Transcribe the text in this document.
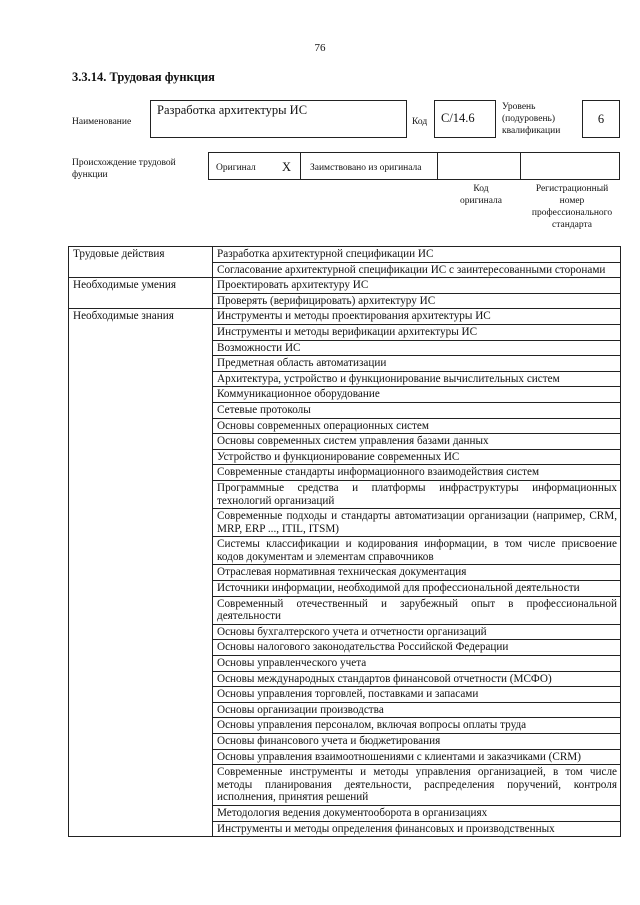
76
3.3.14. Трудовая функция
Наименование
Разработка архитектуры ИС
Код	С/14.6
Уровень
(подуровень)
квалификации
6
Происхождение трудовой
функции
Оригинал X Заимствовано из оригинала
Код
оригинала
Регистрационный
номер
профессионального
стандарта
Трудовые действия	Разработка архитектурной спецификации ИС
	Согласование архитектурной спецификации ИС с заинтересованными сторонами
Необходимые умения	Проектировать архитектуру ИС
	Проверять (верифицировать) архитектуру ИС
Необходимые знания	Инструменты и методы проектирования архитектуры ИС
	Инструменты и методы верификации архитектуры ИС
	Возможности ИС
	Предметная область автоматизации
	Архитектура, устройство и функционирование вычислительных систем
	Коммуникационное оборудование
	Сетевые протоколы
	Основы современных операционных систем
	Основы современных систем управления базами данных
	Устройство и функционирование современных ИС
	Современные стандарты информационного взаимодействия систем
	Программные средства и платформы инфраструктуры информационных технологий организаций
	Современные подходы и стандарты автоматизации организации (например, CRM, MRP, ERP ..., ITIL, ITSM)
	Системы классификации и кодирования информации, в том числе присвоение кодов документам и элементам справочников
	Отраслевая нормативная техническая документация
	Источники информации, необходимой для профессиональной деятельности
	Современный отечественный и зарубежный опыт в профессиональной деятельности
	Основы бухгалтерского учета и отчетности организаций
	Основы налогового законодательства Российской Федерации
	Основы управленческого учета
	Основы международных стандартов финансовой отчетности (МСФО)
	Основы управления торговлей, поставками и запасами
	Основы организации производства
	Основы управления персоналом, включая вопросы оплаты труда
	Основы финансового учета и бюджетирования
	Основы управления взаимоотношениями с клиентами и заказчиками (CRM)
	Современные инструменты и методы управления организацией, в том числе методы планирования деятельности, распределения поручений, контроля исполнения, принятия решений
	Методология ведения документооборота в организациях
	Инструменты и методы определения финансовых и производственных
